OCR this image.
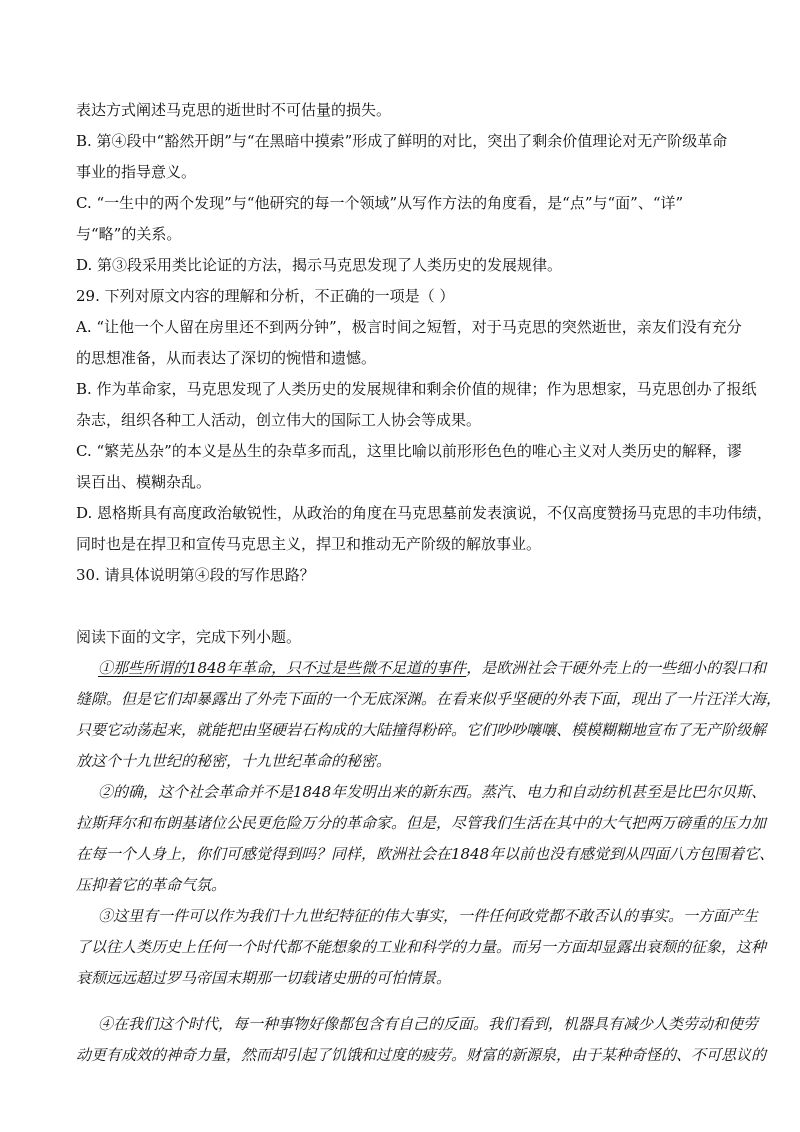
表达方式阐述马克思的逝世时不可估量的损失。
B. 第④段中“豁然开朗”与“在黑暗中摸索”形成了鲜明的对比，突出了剩余价值理论对无产阶级革命
事业的指导意义。
C. “一生中的两个发现”与“他研究的每一个领域”从写作方法的角度看，是“点”与“面”、“详”
与“略”的关系。
D. 第③段采用类比论证的方法，揭示马克思发现了人类历史的发展规律。
29. 下列对原文内容的理解和分析，不正确的一项是（ ）
A. “让他一个人留在房里还不到两分钟”，极言时间之短暂，对于马克思的突然逝世，亲友们没有充分
的思想准备，从而表达了深切的惋惜和遗憾。
B. 作为革命家，马克思发现了人类历史的发展规律和剩余价值的规律；作为思想家，马克思创办了报纸
杂志，组织各种工人活动，创立伟大的国际工人协会等成果。
C. “繁芜丛杂”的本义是丛生的杂草多而乱，这里比喻以前形形色色的唯心主义对人类历史的解释，谬
误百出、模糊杂乱。
D. 恩格斯具有高度政治敏锐性，从政治的角度在马克思墓前发表演说，不仅高度赞扬马克思的丰功伟绩，
同时也是在捍卫和宣传马克思主义，捍卫和推动无产阶级的解放事业。
30. 请具体说明第④段的写作思路？
阅读下面的文字，完成下列小题。
①那些所谓的1848年革命，只不过是些微不足道的事件，是欧洲社会干硬外壳上的一些细小的裂口和
缝隙。但是它们却暴露出了外壳下面的一个无底深渊。在看来似乎坚硬的外表下面，现出了一片汪洋大海，
只要它动荡起来，就能把由坚硬岩石构成的大陆撞得粉碎。它们吵吵嚷嚷、模模糊糊地宣布了无产阶级解
放这个十九世纪的秘密，十九世纪革命的秘密。
②的确，这个社会革命并不是1848年发明出来的新东西。蒸汽、电力和自动纺机甚至是比巴尔贝斯、
拉斯拜尔和布朗基诸位公民更危险万分的革命家。但是，尽管我们生活在其中的大气把两万磅重的压力加
在每一个人身上，你们可感觉得到吗？同样，欧洲社会在1848年以前也没有感觉到从四面八方包围着它、
压抑着它的革命气氛。
③这里有一件可以作为我们十九世纪特征的伟大事实，一件任何政党都不敢否认的事实。一方面产生
了以往人类历史上任何一个时代都不能想象的工业和科学的力量。而另一方面却显露出衰颓的征象，这种
衰颓远远超过罗马帝国末期那一切载诸史册的可怕情景。
④在我们这个时代，每一种事物好像都包含有自己的反面。我们看到，机器具有减少人类劳动和使劳
动更有成效的神奇力量，然而却引起了饥饿和过度的疲劳。财富的新源泉，由于某种奇怪的、不可思议的
